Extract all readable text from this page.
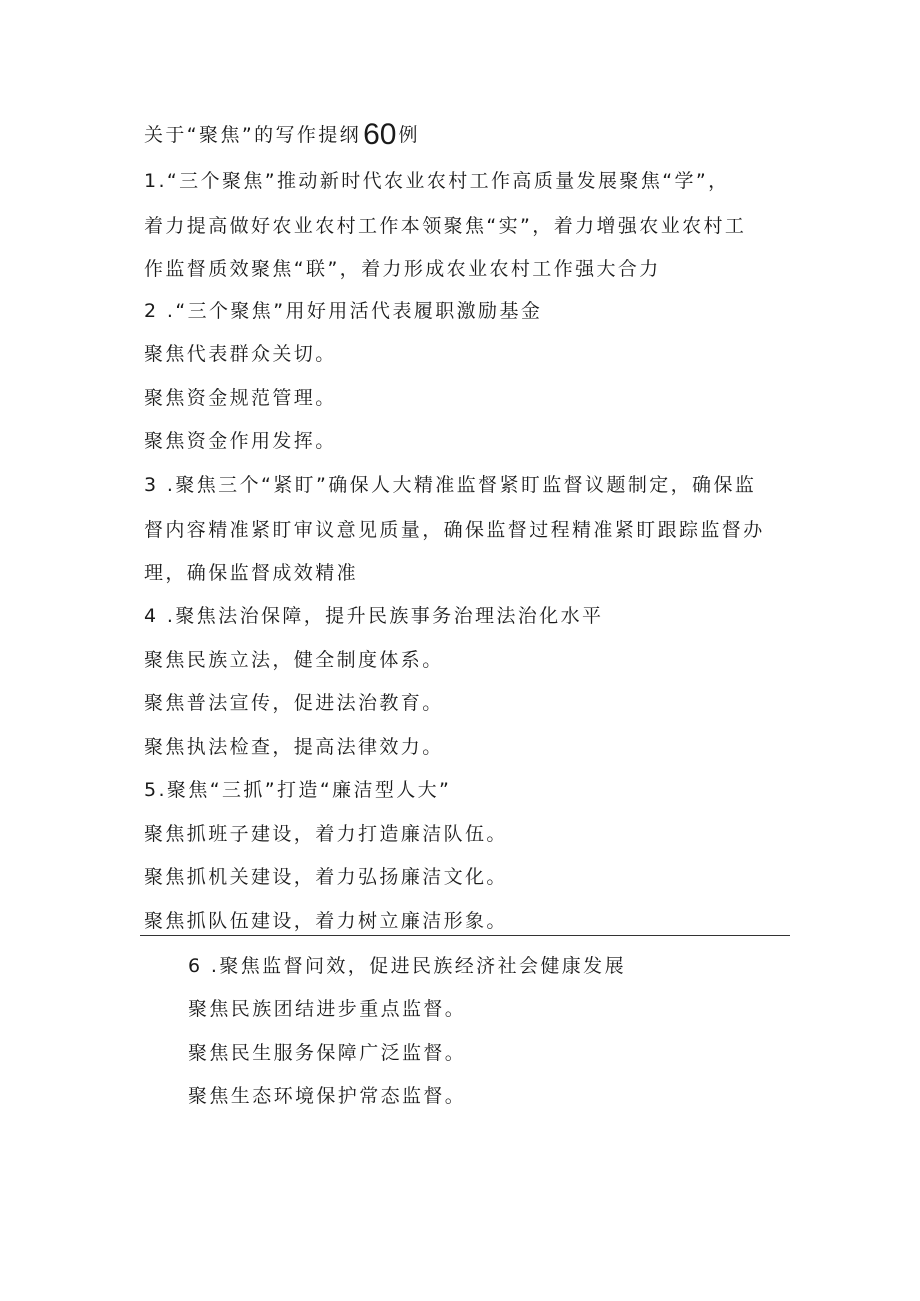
关于“聚焦”的写作提纲60 例
1.“三个聚焦”推动新时代农业农村工作高质量发展聚焦“学”，
着力提高做好农业农村工作本领聚焦“实”，着力增强农业农村工
作监督质效聚焦“联”，着力形成农业农村工作强大合力
2 .“三个聚焦”用好用活代表履职激励基金
聚焦代表群众关切。
聚焦资金规范管理。
聚焦资金作用发挥。
3 .聚焦三个“紧盯”确保人大精准监督紧盯监督议题制定，确保监
督内容精准紧盯审议意见质量，确保监督过程精准紧盯跟踪监督办
理，确保监督成效精准
4 .聚焦法治保障，提升民族事务治理法治化水平
聚焦民族立法，健全制度体系。
聚焦普法宣传，促进法治教育。
聚焦执法检查，提高法律效力。
5.聚焦“三抓”打造“廉洁型人大”
聚焦抓班子建设，着力打造廉洁队伍。
聚焦抓机关建设，着力弘扬廉洁文化。
聚焦抓队伍建设，着力树立廉洁形象。
6 .聚焦监督问效，促进民族经济社会健康发展
聚焦民族团结进步重点监督。
聚焦民生服务保障广泛监督。
聚焦生态环境保护常态监督。
